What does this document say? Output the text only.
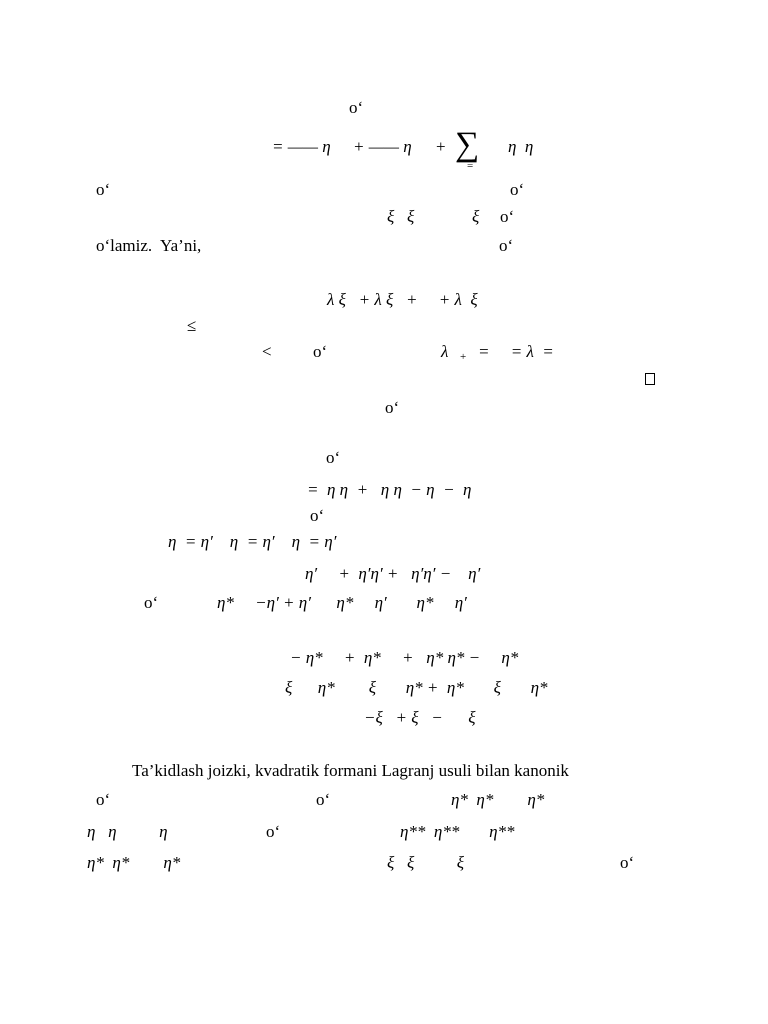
o‘
= —— η + —— η + ∑
=
η  η
o‘	o‘
ξ   ξ	ξ o‘
o‘lamiz.  Ya’ni,	o‘
λ ξ   + λ ξ   +     + λ  ξ
≤
< o‘	λ + =     = λ  =
o‘
o‘
=  η η  +   η η  − η  −  η
o‘
η  = η′    η  = η′    η  = η′
η′     +  η′η′ +   η′η′ −    η′
o‘	η*     −η′ + η′      η*     η′       η*     η′
− η*     +  η*     +   η* η* −     η*
ξ      η*        ξ       η* +  η*       ξ       η*
−ξ   + ξ   −      ξ
Ta’kidlash joizki, kvadratik formani Lagranj usuli bilan kanonik
o‘	o‘	η*  η*        η*
η   η          η	o‘	η**  η**       η**
η*  η*        η*	ξ   ξ          ξ	o‘
